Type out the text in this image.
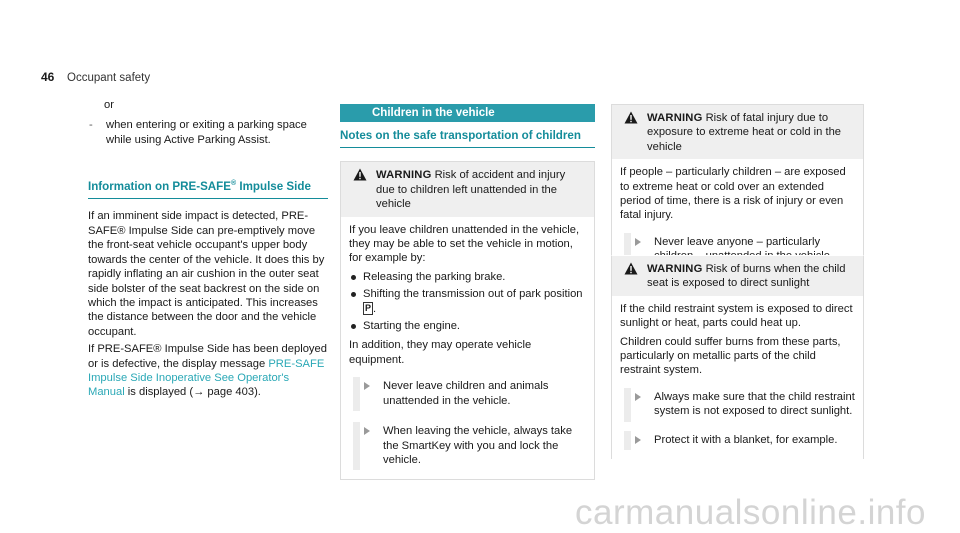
46 Occupant safety

or

- when entering or exiting a parking space while using Active Parking Assist.

Information on PRE-SAFE® Impulse Side

If an imminent side impact is detected, PRE-SAFE® Impulse Side can pre-emptively move the front-seat vehicle occupant's upper body towards the center of the vehicle. It does this by rapidly inflating an air cushion in the outer seat side bolster of the seat backrest on the side on which the impact is anticipated. This increases the distance between the door and the vehicle occupant.

If PRE-SAFE® Impulse Side has been deployed or is defective, the display message PRE-SAFE Impulse Side Inoperative See Operator's Manual is displayed (→ page 403).

Children in the vehicle
Notes on the safe transportation of children
WARNING Risk of accident and injury due to children left unattended in the vehicle

If you leave children unattended in the vehicle, they may be able to set the vehicle in motion, for example by:

Releasing the parking brake.
Shifting the transmission out of park position P .
Starting the engine.

In addition, they may operate vehicle equipment.

Never leave children and animals unattended in the vehicle.
When leaving the vehicle, always take the SmartKey with you and lock the vehicle.
WARNING Risk of fatal injury due to exposure to extreme heat or cold in the vehicle

If people – particularly children – are exposed to extreme heat or cold over an extended period of time, there is a risk of injury or even fatal injury.

Never leave anyone – particularly
WARNING Risk of burns when the child seat is exposed to direct sunlight

If the child restraint system is exposed to direct sunlight or heat, parts could heat up.

Children could suffer burns from these parts, particularly on metallic parts of the child restraint system.

Always make sure that the child restraint system is not exposed to direct sunlight.
Protect it with a blanket, for example.
carmanualsonline.info
